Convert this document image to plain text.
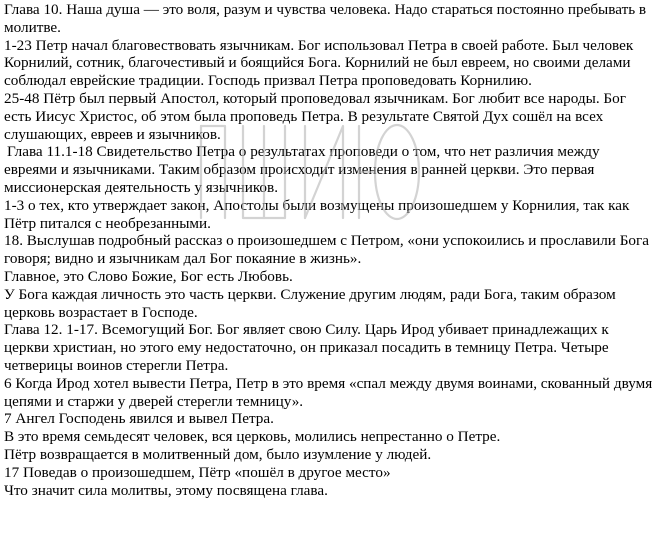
Глава 10. Наша душа — это воля, разум и чувства человека. Надо стараться постоянно пребывать в молитве.

1-23 Петр начал благовествовать язычникам. Бог использовал Петра в своей работе. Был человек Корнилий, сотник, благочестивый и боящийся Бога. Корнилий не был евреем, но своими делами соблюдал еврейские традиции. Господь призвал Петра проповедовать Корнилию.

25-48 Пётр был первый Апостол, который проповедовал язычникам. Бог любит все народы. Бог есть Иисус Христос, об этом была проповедь Петра. В результате Святой Дух сошёл на всех слушающих, евреев и язычников.

Глава 11.1-18 Свидетельство Петра о результатах проповеди о том, что нет различия между евреями и язычниками. Таким образом происходит изменения в ранней церкви. Это первая миссионерская деятельность у язычников.

1-3 о тех, кто утверждает закон, Апостолы были возмущены произошедшем у Корнилия, так как Пётр питался с необрезанными.

18. Выслушав подробный рассказ о произошедшем с Петром, «они успокоились и прославили Бога говоря; видно и язычникам дал Бог покаяние в жизнь».

Главное, это Слово Божие, Бог есть Любовь.

У Бога каждая личность это часть церкви. Служение другим людям, ради Бога, таким образом церковь возрастает в Господе.

Глава 12. 1-17. Всемогущий Бог. Бог являет свою Силу. Царь Ирод убивает принадлежащих к церкви христиан, но этого ему недостаточно, он приказал посадить в темницу Петра. Четыре четверицы воинов стерегли Петра.

6 Когда Ирод хотел вывести Петра, Петр в это время «спал между двумя воинами, скованный двумя цепями и старжи у дверей стерегли темницу».

7 Ангел Господень явился и вывел Петра.

В это время семьдесят человек, вся церковь, молились непрестанно о Петре.

Пётр возвращается в молитвенный дом, было изумление у людей.

17 Поведав о произошедшем, Пётр «пошёл в другое место»

Что значит сила молитвы, этому посвящена глава.
